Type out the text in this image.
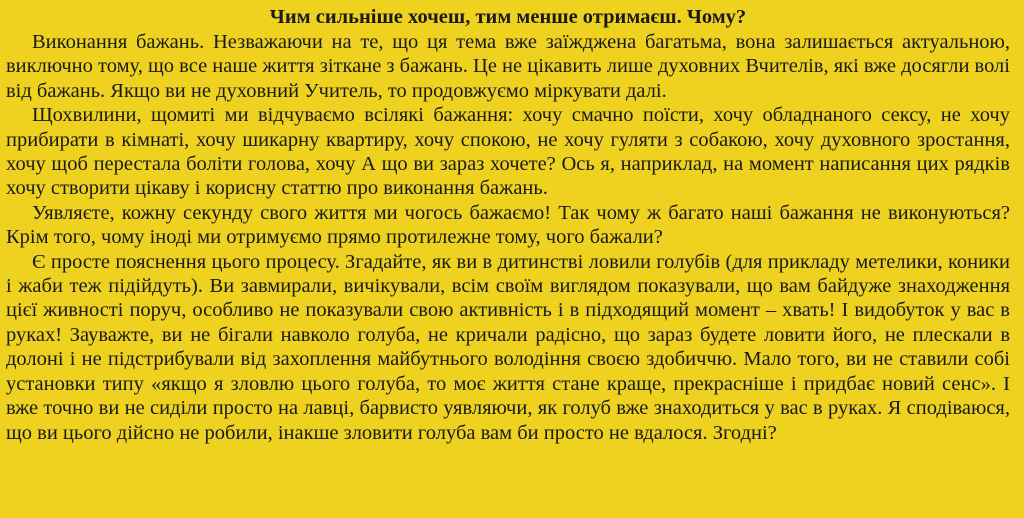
Чим сильніше хочеш, тим менше отримаєш. Чому?

Виконання бажань. Незважаючи на те, що ця тема вже заїжджена багатьма, вона залишається актуальною, виключно тому, що все наше життя зіткане з бажань. Це не цікавить лише духовних Вчителів, які вже досягли волі від бажань. Якщо ви не духовний Учитель, то продовжуємо міркувати далі.

Щохвилини, щомиті ми відчуваємо всілякі бажання: хочу смачно поїсти, хочу обладнаного сексу, не хочу прибирати в кімнаті, хочу шикарну квартиру, хочу спокою, не хочу гуляти з собакою, хочу духовного зростання, хочу щоб перестала боліти голова, хочу А що ви зараз хочете? Ось я, наприклад, на момент написання цих рядків хочу створити цікаву і корисну статтю про виконання бажань.

Уявляєте, кожну секунду свого життя ми чогось бажаємо! Так чому ж багато наші бажання не виконуються? Крім того, чому іноді ми отримуємо прямо протилежне тому, чого бажали?

Є просте пояснення цього процесу. Згадайте, як ви в дитинстві ловили голубів (для прикладу метелики, коники і жаби теж підійдуть). Ви завмирали, вичікували, всім своїм виглядом показували, що вам байдуже знаходження цієї живності поруч, особливо не показували свою активність і в підходящий момент – хвать! І видобуток у вас в руках! Зауважте, ви не бігали навколо голуба, не кричали радісно, що зараз будете ловити його, не плескали в долоні і не підстрибували від захоплення майбутнього володіння своєю здобиччю. Мало того, ви не ставили собі установки типу «якщо я зловлю цього голуба, то моє життя стане краще, прекрасніше і придбає новий сенс». І вже точно ви не сиділи просто на лавці, барвисто уявляючи, як голуб вже знаходиться у вас в руках. Я сподіваюся, що ви цього дійсно не робили, інакше зловити голуба вам би просто не вдалося. Згодні?
